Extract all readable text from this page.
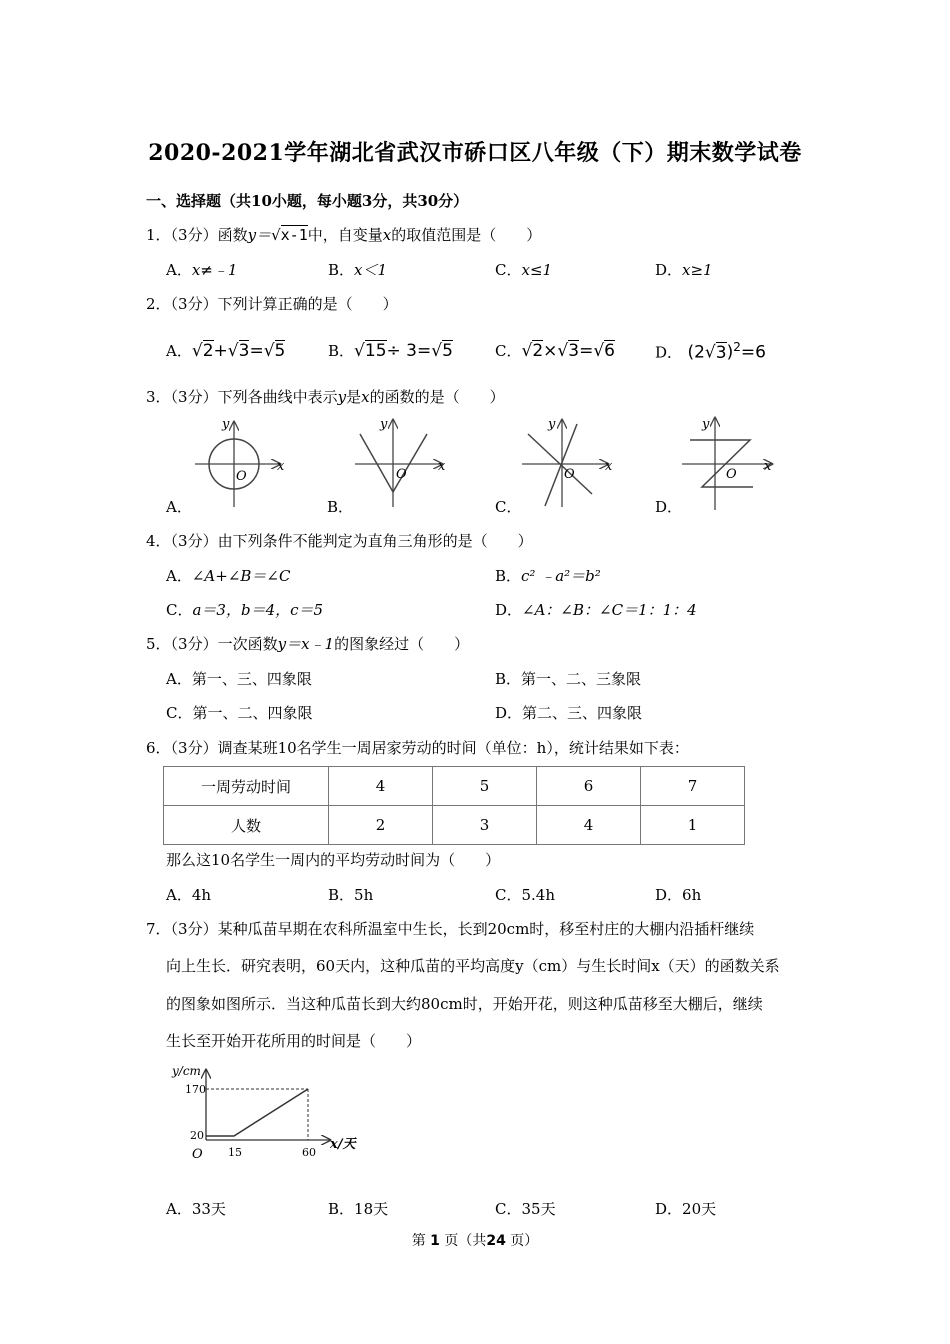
2020-2021学年湖北省武汉市硚口区八年级（下）期末数学试卷
一、选择题（共10小题，每小题3分，共30分）
1．（3分）函数y＝√x-1中，自变量x的取值范围是（　　）
A．x≠﹣1	B．x＜1	C．x≤1	D．x≥1
2．（3分）下列计算正确的是（　　）
A．√2+√3=√5	B．√15÷ 3=√5	C．√2×√3=√6	D． $(2√3)^2=6$
3．（3分）下列各曲线中表示y是x的函数的是（　　）
O
x
y
A．
O
x
y
B．
O
x
y
C．
O
x
y
D．
4．（3分）由下列条件不能判定为直角三角形的是（　　）
A．∠A+∠B＝∠C	B．c² ﹣a²＝b²
C．a＝3，b＝4，c＝5	D．∠A：∠B：∠C＝1：1：4
5．（3分）一次函数y＝x﹣1的图象经过（　　）
A．第一、三、四象限	B．第一、二、三象限
C．第一、二、四象限	D．第二、三、四象限
6．（3分）调查某班10名学生一周居家劳动的时间（单位：h），统计结果如下表：
一周劳动时间	4	5	6	7
人数	2	3	4	1
那么这10名学生一周内的平均劳动时间为（　　）
A．4h	B．5h	C．5.4h	D．6h
7．（3分）某种瓜苗早期在农科所温室中生长，长到20cm时，移至村庄的大棚内沿插杆继续
向上生长．研究表明，60天内，这种瓜苗的平均高度y（cm）与生长时间x（天）的函数关系
的图象如图所示．当这种瓜苗长到大约80cm时，开始开花，则这种瓜苗移至大棚后，继续
生长至开始开花所用的时间是（　　）
y/cm
x/天
170
20
15	60
O
A．33天	B．18天	C．35天	D．20天
第 1 页（共24 页）
